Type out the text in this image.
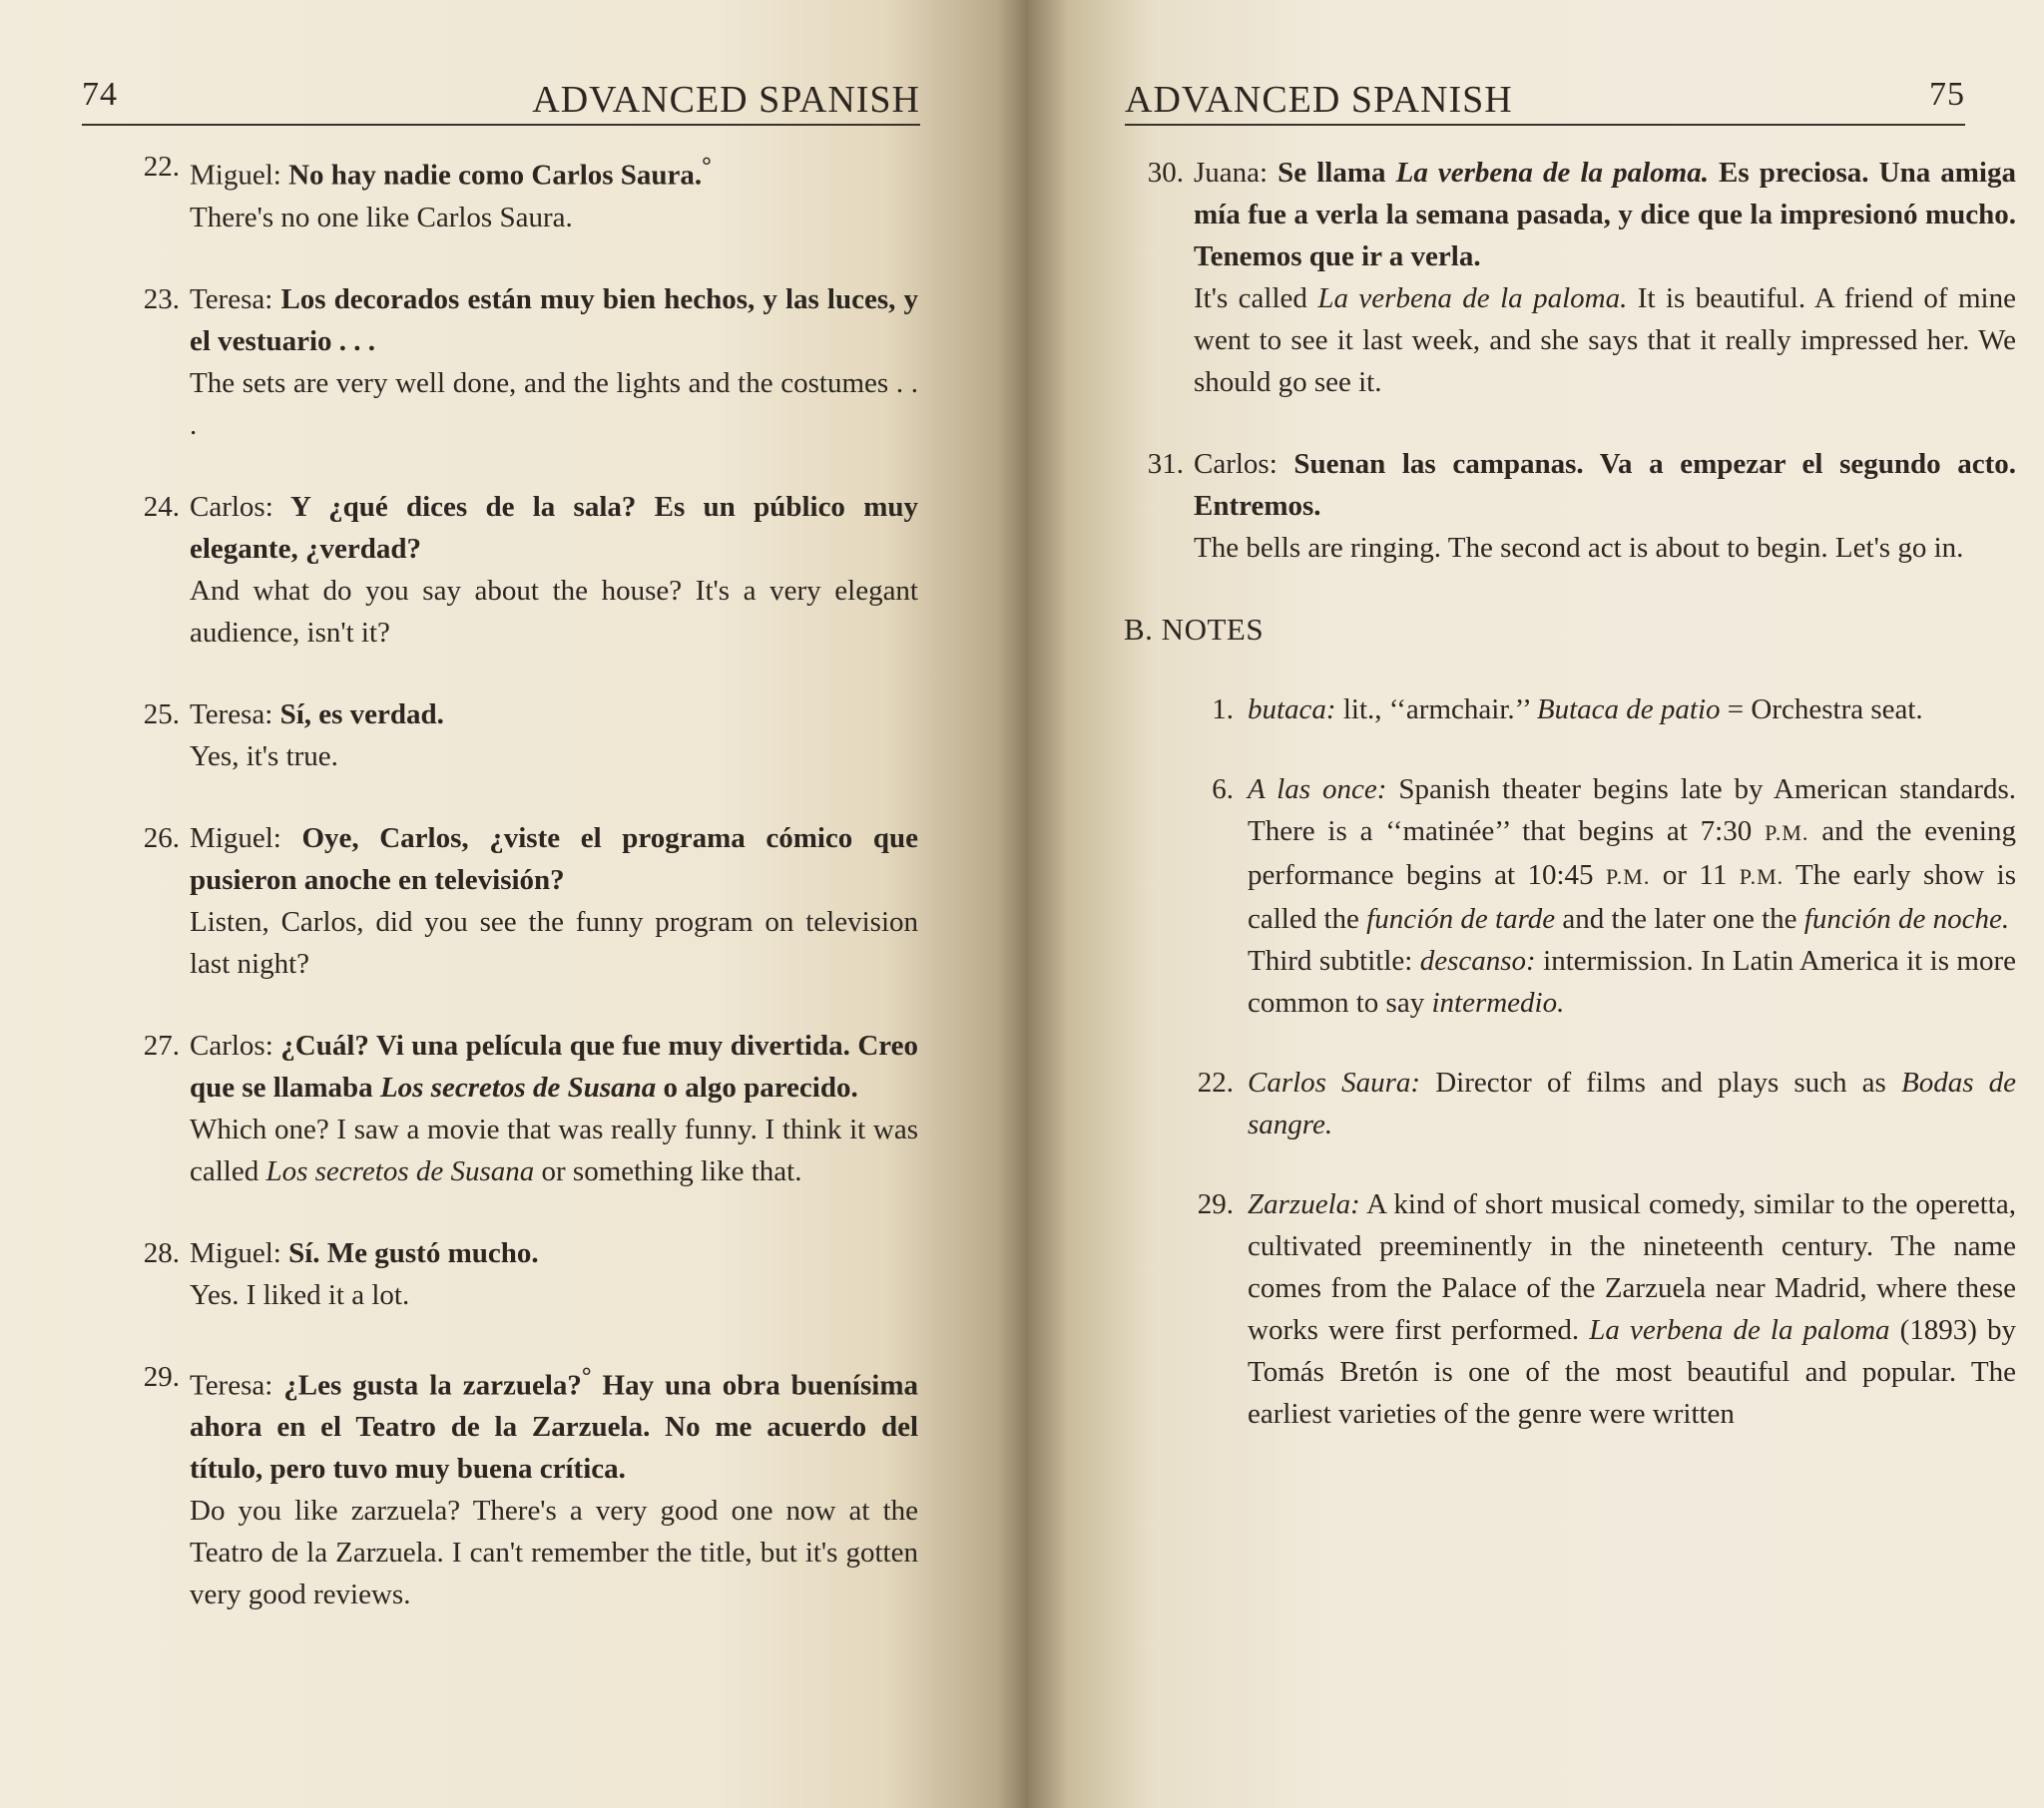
74	ADVANCED SPANISH
22. Miguel: No hay nadie como Carlos Saura.°
There's no one like Carlos Saura.
23. Teresa: Los decorados están muy bien hechos, y las luces, y el vestuario . . .
The sets are very well done, and the lights and the costumes . . .
24. Carlos: Y ¿qué dices de la sala? Es un público muy elegante, ¿verdad?
And what do you say about the house? It's a very elegant audience, isn't it?
25. Teresa: Sí, es verdad.
Yes, it's true.
26. Miguel: Oye, Carlos, ¿viste el programa cómico que pusieron anoche en televisión?
Listen, Carlos, did you see the funny program on television last night?
27. Carlos: ¿Cuál? Vi una película que fue muy divertida. Creo que se llamaba Los secretos de Susana o algo parecido.
Which one? I saw a movie that was really funny. I think it was called Los secretos de Susana or something like that.
28. Miguel: Sí. Me gustó mucho.
Yes. I liked it a lot.
29. Teresa: ¿Les gusta la zarzuela?° Hay una obra buenísima ahora en el Teatro de la Zarzuela. No me acuerdo del título, pero tuvo muy buena crítica.
Do you like zarzuela? There's a very good one now at the Teatro de la Zarzuela. I can't remember the title, but it's gotten very good reviews.
ADVANCED SPANISH	75
30. Juana: Se llama La verbena de la paloma. Es preciosa. Una amiga mía fue a verla la semana pasada, y dice que la impresionó mucho. Tenemos que ir a verla.
It's called La verbena de la paloma. It is beautiful. A friend of mine went to see it last week, and she says that it really impressed her. We should go see it.
31. Carlos: Suenan las campanas. Va a empezar el segundo acto. Entremos.
The bells are ringing. The second act is about to begin. Let's go in.
B. NOTES
1. butaca: lit., ‘‘armchair.’’ Butaca de patio = Orchestra seat.

6. A las once: Spanish theater begins late by American standards. There is a ‘‘matinée’’ that begins at 7:30 P.M. and the evening performance begins at 10:45 P.M. or 11 P.M. The early show is called the función de tarde and the later one the función de noche.

Third subtitle: descanso: intermission. In Latin America it is more common to say intermedio.

22. Carlos Saura: Director of films and plays such as Bodas de sangre.

29. Zarzuela: A kind of short musical comedy, similar to the operetta, cultivated preeminently in the nineteenth century. The name comes from the Palace of the Zarzuela near Madrid, where these works were first performed. La verbena de la paloma (1893) by Tomás Bretón is one of the most beautiful and popular. The earliest varieties of the genre were written
